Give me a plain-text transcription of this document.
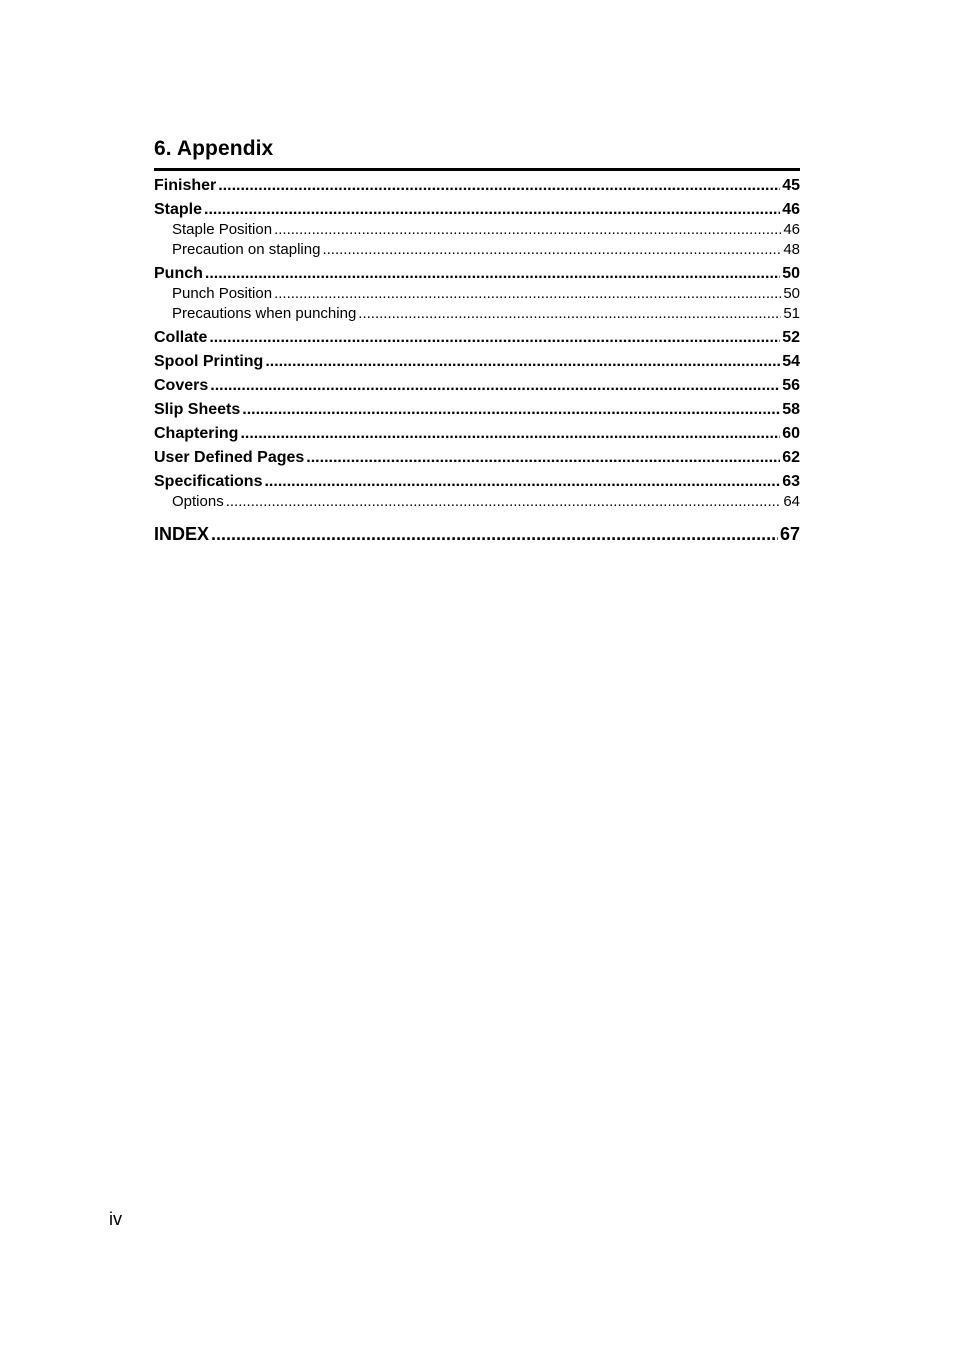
6. Appendix
Finisher .....	45
Staple .....	46
Staple Position .....	46
Precaution on stapling .....	48
Punch .....	50
Punch Position .....	50
Precautions when punching .....	51
Collate .....	52
Spool Printing .....	54
Covers .....	56
Slip Sheets .....	58
Chaptering .....	60
User Defined Pages .....	62
Specifications .....	63
Options .....	64
INDEX .....	67
iv
